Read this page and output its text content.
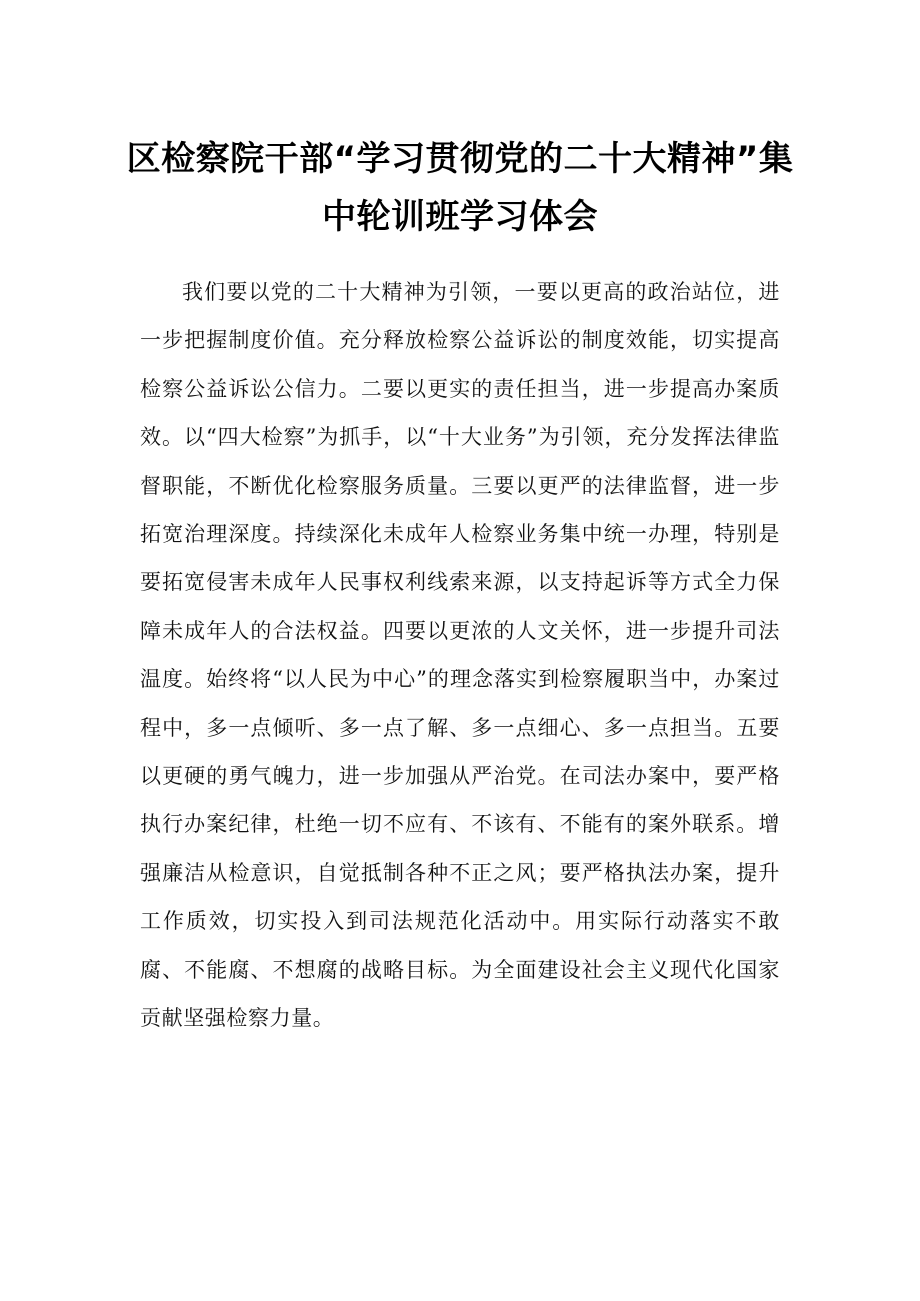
区检察院干部“学习贯彻党的二十大精神”集
中轮训班学习体会

我们要以党的二十大精神为引领，一要以更高的政治站位，进一步把握制度价值。充分释放检察公益诉讼的制度效能，切实提高检察公益诉讼公信力。二要以更实的责任担当，进一步提高办案质效。以“四大检察”为抓手，以“十大业务”为引领，充分发挥法律监督职能，不断优化检察服务质量。三要以更严的法律监督，进一步拓宽治理深度。持续深化未成年人检察业务集中统一办理，特别是要拓宽侵害未成年人民事权利线索来源，以支持起诉等方式全力保障未成年人的合法权益。四要以更浓的人文关怀，进一步提升司法温度。始终将“以人民为中心”的理念落实到检察履职当中，办案过程中，多一点倾听、多一点了解、多一点细心、多一点担当。五要以更硬的勇气魄力，进一步加强从严治党。在司法办案中，要严格执行办案纪律，杜绝一切不应有、不该有、不能有的案外联系。增强廉洁从检意识，自觉抵制各种不正之风；要严格执法办案，提升工作质效，切实投入到司法规范化活动中。用实际行动落实不敢腐、不能腐、不想腐的战略目标。为全面建设社会主义现代化国家贡献坚强检察力量。
